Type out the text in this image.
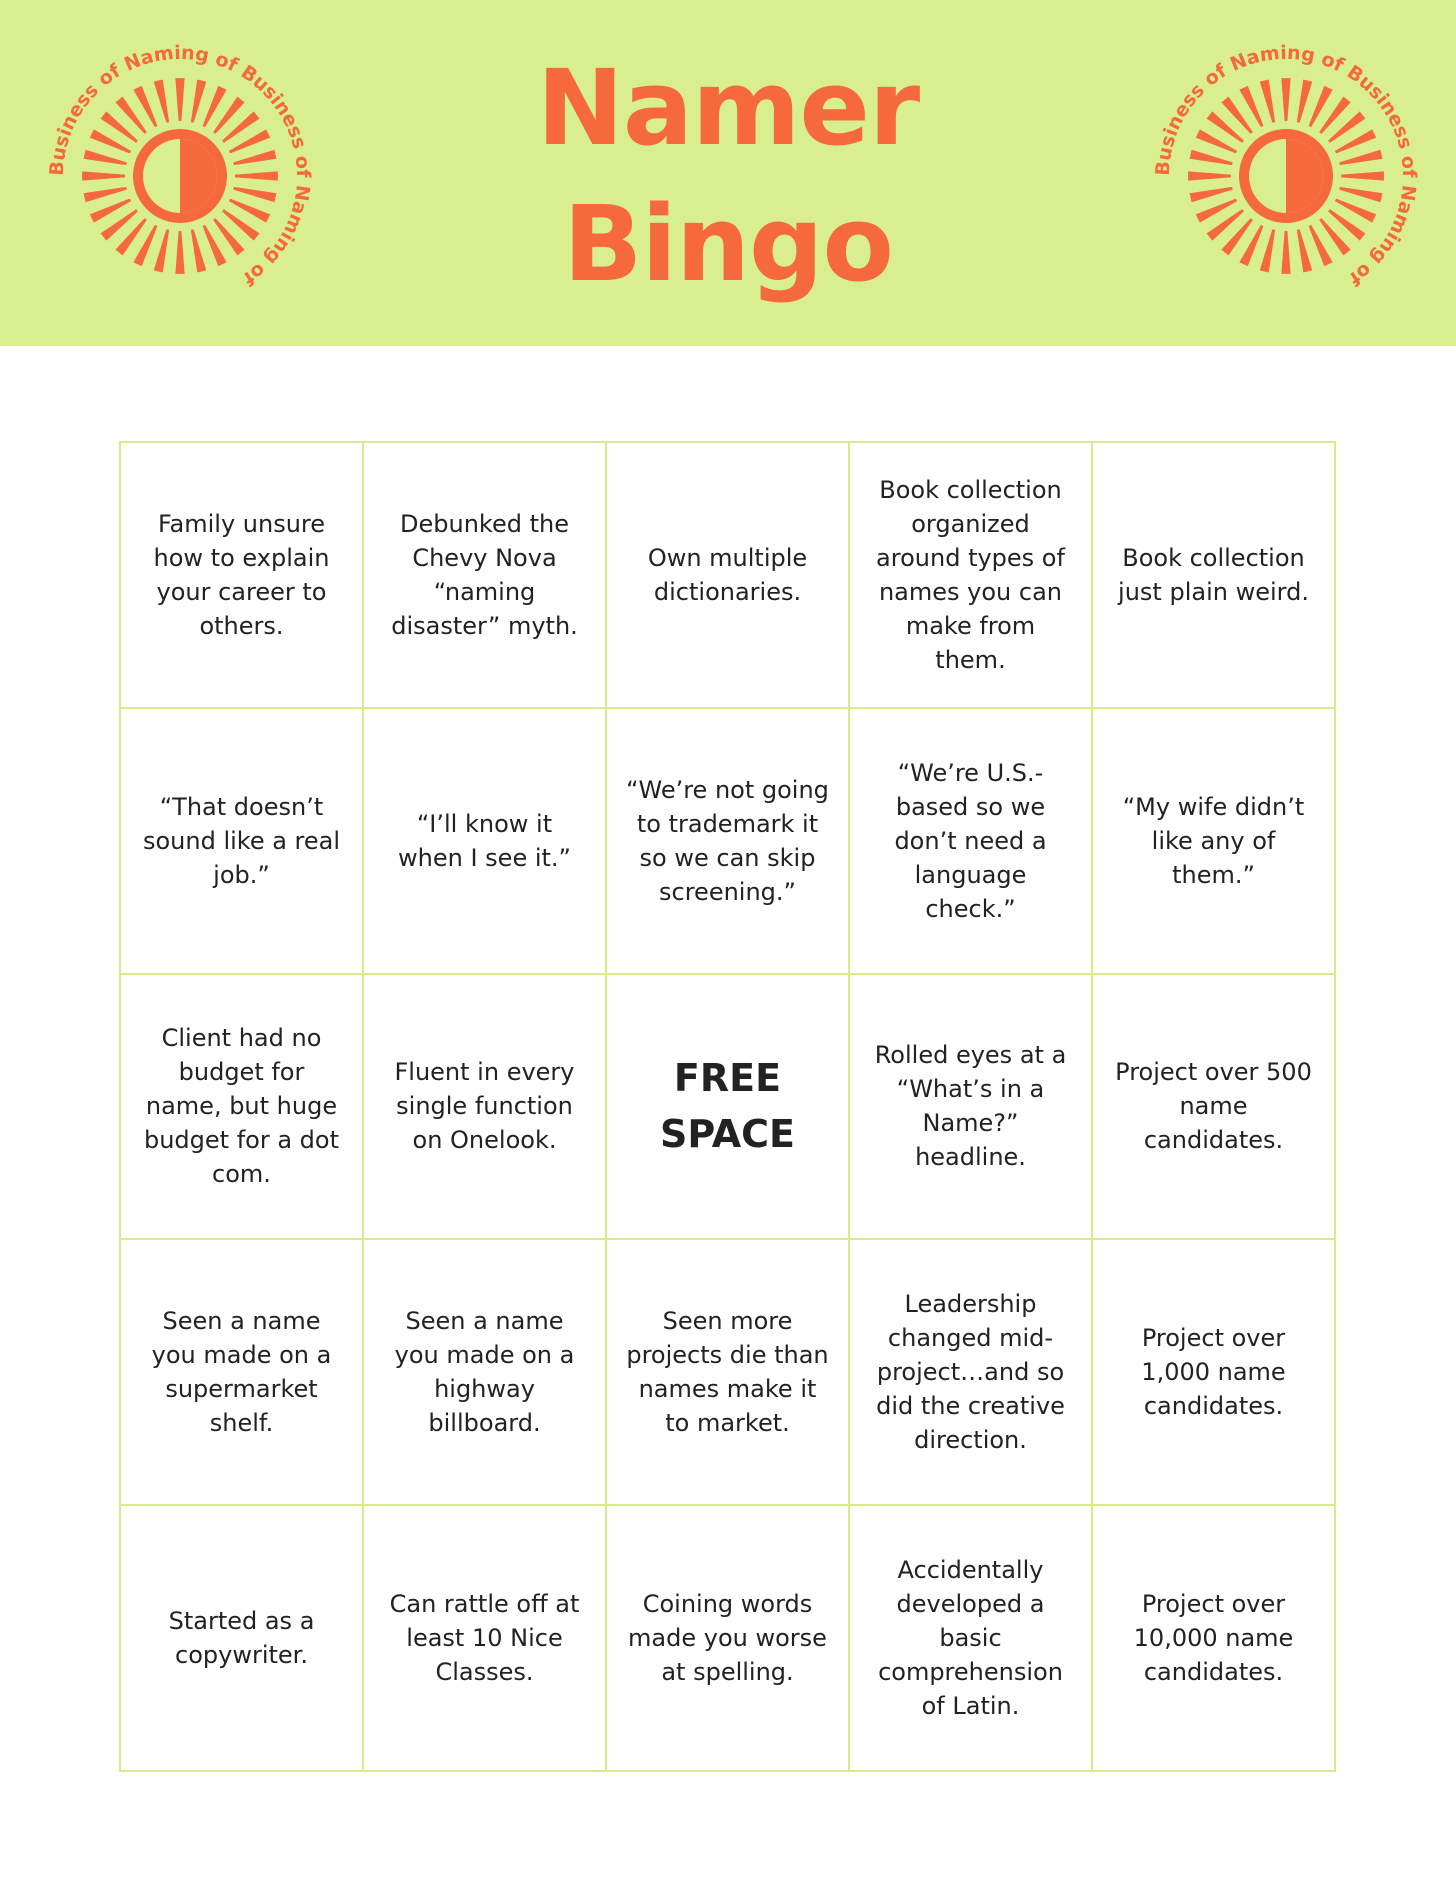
Business of Naming of Business of Naming of
Namer
Bingo
Business of Naming of Business of Naming of
Family unsure how to explain your career to others.
Debunked the Chevy Nova “naming disaster” myth.
Own multiple dictionaries.
Book collection organized around types of names you can make from them.
Book collection just plain weird.
“That doesn’t sound like a real job.”
“I’ll know it when I see it.”
“We’re not going to trademark it so we can skip screening.”
“We’re U.S.-based so we don’t need a language check.”
“My wife didn’t like any of them.”
Client had no budget for name, but huge budget for a dot com.
Fluent in every single function on Onelook.
FREE SPACE
Rolled eyes at a “What’s in a Name?” headline.
Project over 500 name candidates.
Seen a name you made on a supermarket shelf.
Seen a name you made on a highway billboard.
Seen more projects die than names make it to market.
Leadership changed mid-project…and so did the creative direction.
Project over 1,000 name candidates.
Started as a copywriter.
Can rattle off at least 10 Nice Classes.
Coining words made you worse at spelling.
Accidentally developed a basic comprehension of Latin.
Project over 10,000 name candidates.
